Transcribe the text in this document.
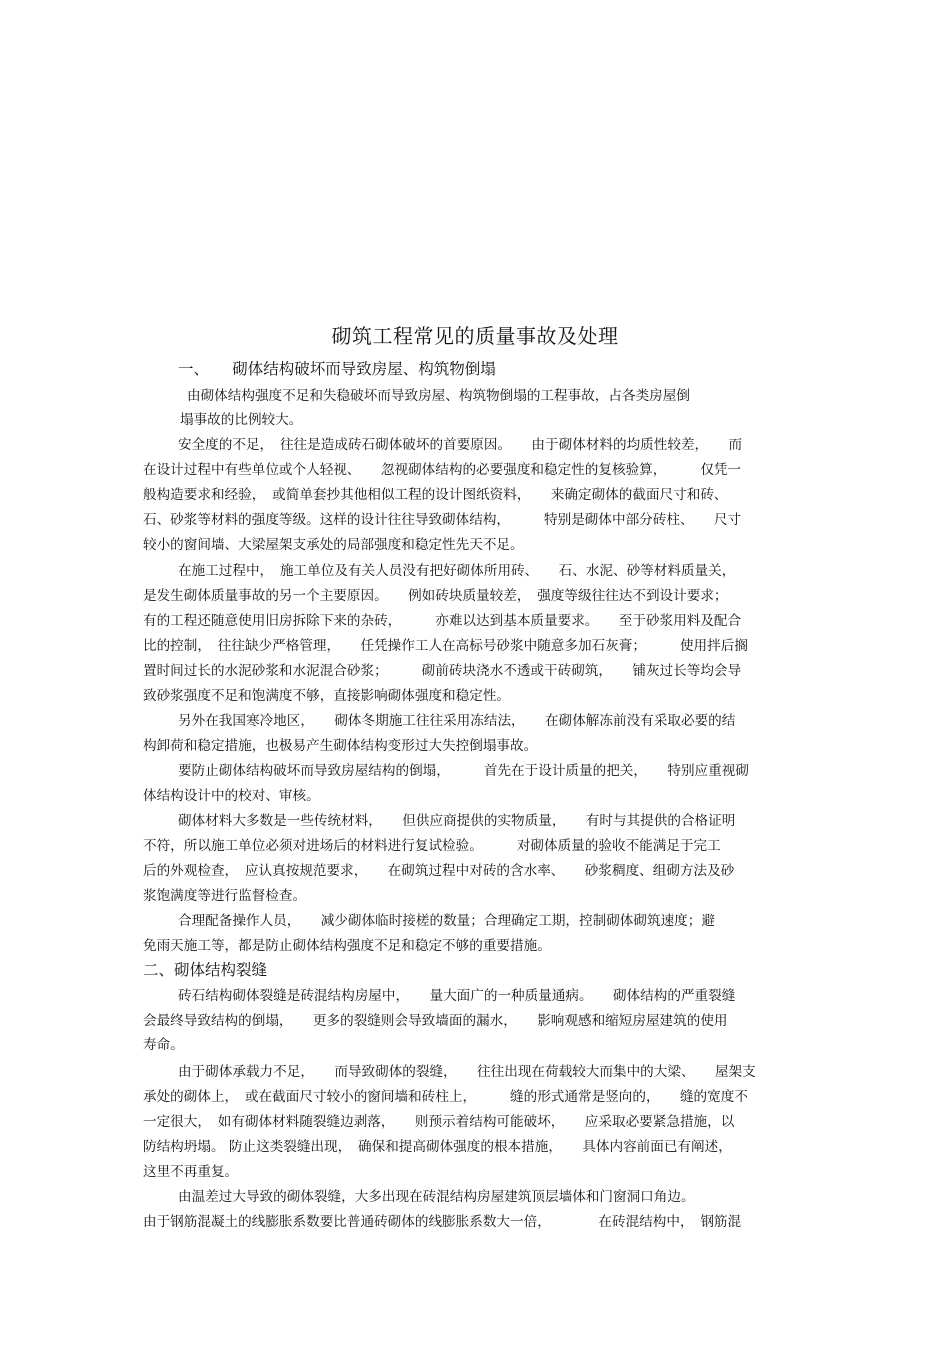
砌筑工程常见的质量事故及处理
一、　　砌体结构破坏而导致房屋、构筑物倒塌
由砌体结构强度不足和失稳破坏而导致房屋、构筑物倒塌的工程事故，占各类房屋倒
塌事故的比例较大。
安全度的不足，　往往是造成砖石砌体破坏的首要原因。　　由于砌体材料的均质性较差，　　而
在设计过程中有些单位或个人轻视、　　忽视砌体结构的必要强度和稳定性的复核验算，　　　仅凭一
般构造要求和经验，　或简单套抄其他相似工程的设计图纸资料，　　来确定砌体的截面尺寸和砖、
石、砂浆等材料的强度等级。这样的设计往往导致砌体结构，　　　特别是砌体中部分砖柱、　　尺寸
较小的窗间墙、大梁屋架支承处的局部强度和稳定性先天不足。
在施工过程中，　施工单位及有关人员没有把好砌体所用砖、　　石、水泥、砂等材料质量关，
是发生砌体质量事故的另一个主要原因。　　例如砖块质量较差，　强度等级往往达不到设计要求；
有的工程还随意使用旧房拆除下来的杂砖，　　　亦难以达到基本质量要求。　　至于砂浆用料及配合
比的控制，　往往缺少严格管理，　　任凭操作工人在高标号砂浆中随意多加石灰膏；　　　使用拌后搁
置时间过长的水泥砂浆和水泥混合砂浆；　　　砌前砖块浇水不透或干砖砌筑，　　铺灰过长等均会导
致砂浆强度不足和饱满度不够，直接影响砌体强度和稳定性。
另外在我国寒冷地区，　　砌体冬期施工往往采用冻结法，　　在砌体解冻前没有采取必要的结
构卸荷和稳定措施，也极易产生砌体结构变形过大失控倒塌事故。
要防止砌体结构破坏而导致房屋结构的倒塌，　　　首先在于设计质量的把关，　　特别应重视砌
体结构设计中的校对、审核。
砌体材料大多数是一些传统材料，　　但供应商提供的实物质量，　　有时与其提供的合格证明
不符，所以施工单位必须对进场后的材料进行复试检验。　　　对砌体质量的验收不能满足于完工
后的外观检查，　应认真按规范要求，　　在砌筑过程中对砖的含水率、　　砂浆稠度、组砌方法及砂
浆饱满度等进行监督检查。
合理配备操作人员，　　减少砌体临时接槎的数量；合理确定工期，控制砌体砌筑速度；避
免雨天施工等，都是防止砌体结构强度不足和稳定不够的重要措施。
二、砌体结构裂缝
砖石结构砌体裂缝是砖混结构房屋中，　　量大面广的一种质量通病。　　砌体结构的严重裂缝
会最终导致结构的倒塌，　　更多的裂缝则会导致墙面的漏水，　　影响观感和缩短房屋建筑的使用
寿命。
由于砌体承载力不足，　　而导致砌体的裂缝，　　往往出现在荷载较大而集中的大梁、　　屋架支
承处的砌体上，　或在截面尺寸较小的窗间墙和砖柱上，　　　缝的形式通常是竖向的，　　缝的宽度不
一定很大，　如有砌体材料随裂缝边剥落，　　则预示着结构可能破坏，　　应采取必要紧急措施，以
防结构坍塌。 防止这类裂缝出现，　确保和提高砌体强度的根本措施，　　具体内容前面已有阐述，
这里不再重复。
由温差过大导致的砌体裂缝，大多出现在砖混结构房屋建筑顶层墙体和门窗洞口角边。
由于钢筋混凝土的线膨胀系数要比普通砖砌体的线膨胀系数大一倍，　　　　在砖混结构中，　钢筋混
